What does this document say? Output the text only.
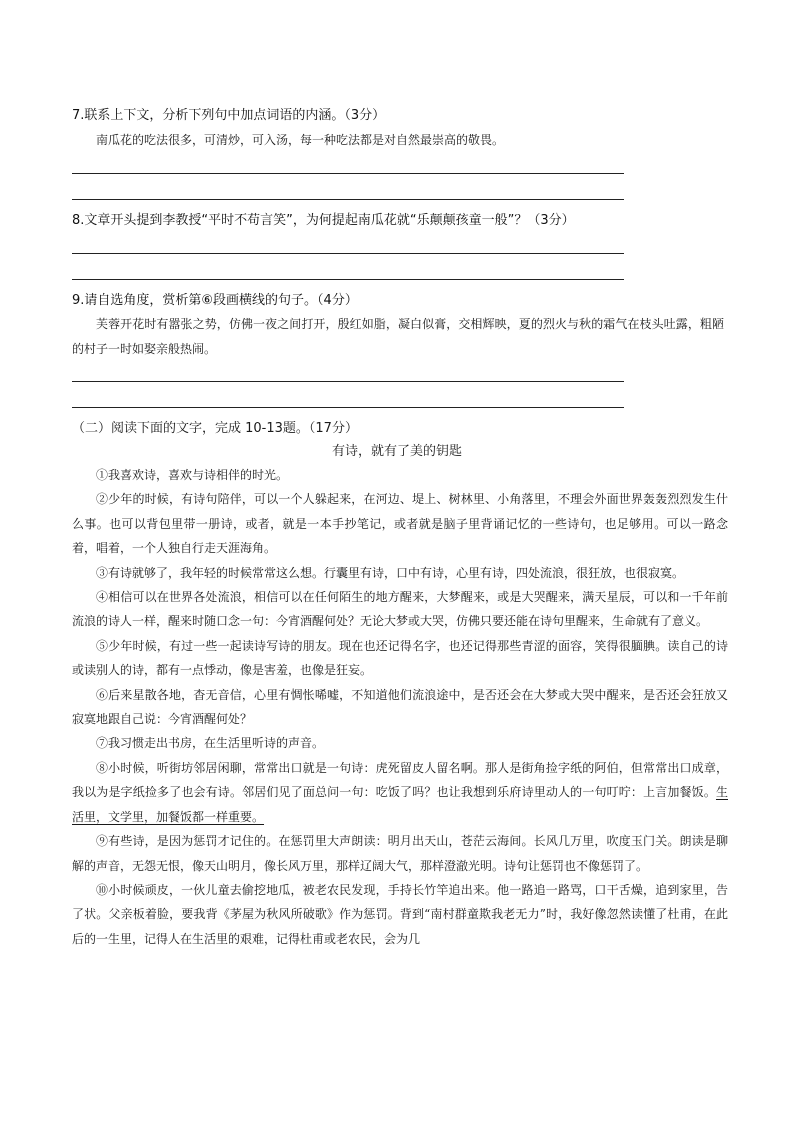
7.联系上下文，分析下列句中加点词语的内涵。（3分）
南瓜花的吃法很多，可清炒，可入汤，每一种吃法都是对自然最崇高的敬畏。
8.文章开头提到李教授“平时不苟言笑”，为何提起南瓜花就“乐颠颠孩童一般”？（3分）
9.请自选角度，赏析第⑥段画横线的句子。（4分）
芙蓉开花时有嚣张之势，仿佛一夜之间打开，殷红如脂，凝白似膏，交相辉映，夏的烈火与秋的霜气在枝头吐露，粗陋的村子一时如娶亲般热闹。
（二）阅读下面的文字，完成 10-13题。（17分）
有诗，就有了美的钥匙

①我喜欢诗，喜欢与诗相伴的时光。

②少年的时候，有诗句陪伴，可以一个人躲起来，在河边、堤上、树林里、小角落里，不理会外面世界轰轰烈烈发生什么事。也可以背包里带一册诗，或者，就是一本手抄笔记，或者就是脑子里背诵记忆的一些诗句，也足够用。可以一路念着，唱着，一个人独自行走天涯海角。

③有诗就够了，我年轻的时候常常这么想。行囊里有诗，口中有诗，心里有诗，四处流浪，很狂放，也很寂寞。

④相信可以在世界各处流浪，相信可以在任何陌生的地方醒来，大梦醒来，或是大哭醒来，满天星辰，可以和一千年前流浪的诗人一样，醒来时随口念一句：今宵酒醒何处？无论大梦或大哭，仿佛只要还能在诗句里醒来，生命就有了意义。

⑤少年时候，有过一些一起读诗写诗的朋友。现在也还记得名字，也还记得那些青涩的面容，笑得很腼腆。读自己的诗或读别人的诗，都有一点悸动，像是害羞，也像是狂妄。

⑥后来星散各地，杳无音信，心里有惆怅唏嘘，不知道他们流浪途中，是否还会在大梦或大哭中醒来，是否还会狂放又寂寞地跟自己说：今宵酒醒何处？

⑦我习惯走出书房，在生活里听诗的声音。

⑧小时候，听街坊邻居闲聊，常常出口就是一句诗：虎死留皮人留名啊。那人是街角捡字纸的阿伯，但常常出口成章，我以为是字纸捡多了也会有诗。邻居们见了面总问一句：吃饭了吗？也让我想到乐府诗里动人的一句叮咛：上言加餐饭。生活里，文学里，加餐饭都一样重要。

⑨有些诗，是因为惩罚才记住的。在惩罚里大声朗读：明月出天山，苍茫云海间。长风几万里，吹度玉门关。朗读是聊解的声音，无怨无恨，像天山明月，像长风万里，那样辽阔大气，那样澄澈光明。诗句让惩罚也不像惩罚了。

⑩小时候顽皮，一伙儿童去偷挖地瓜，被老农民发现，手持长竹竿追出来。他一路追一路骂，口干舌燥，追到家里，告了状。父亲板着脸，要我背《茅屋为秋风所破歌》作为惩罚。背到“南村群童欺我老无力”时，我好像忽然读懂了杜甫，在此后的一生里，记得人在生活里的艰难，记得杜甫或老农民，会为几
